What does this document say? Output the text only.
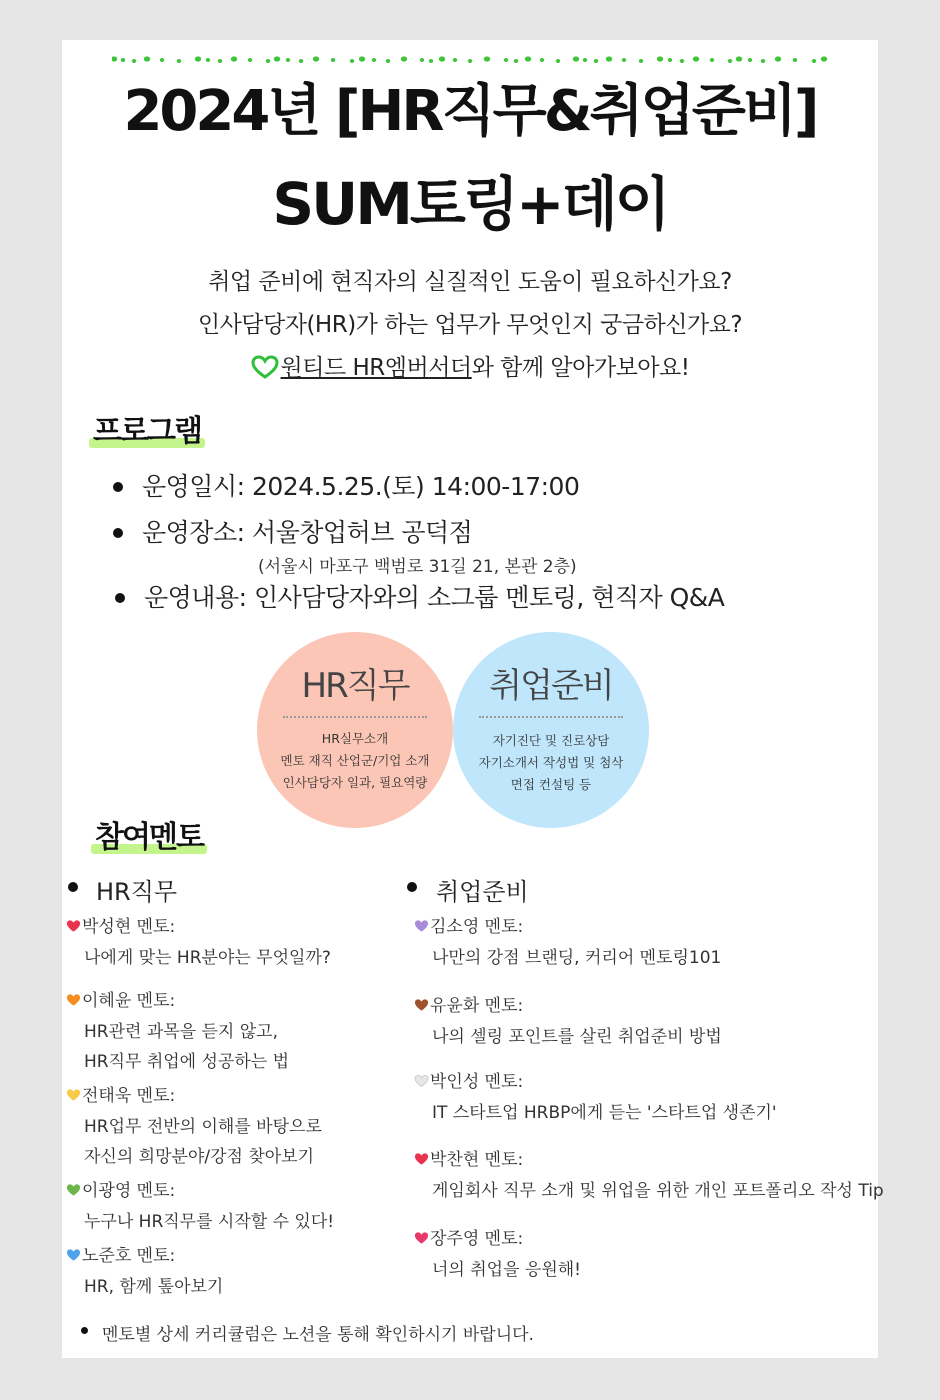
2024년 [HR직무&취업준비]
SUM토링+데이
취업 준비에 현직자의 실질적인 도움이 필요하신가요?
인사담당자(HR)가 하는 업무가 무엇인지 궁금하신가요?
원티드 HR엠버서더와 함께 알아가보아요!
프로그램
운영일시: 2024.5.25.(토) 14:00-17:00
운영장소: 서울창업허브 공덕점
(서울시 마포구 백범로 31길 21, 본관 2층)
운영내용: 인사담당자와의 소그룹 멘토링, 현직자 Q&A
HR직무
HR실무소개
멘토 재직 산업군/기업 소개
인사담당자 일과, 필요역량
취업준비
자기진단 및 진로상담
자기소개서 작성법 및 첨삭
면접 컨설팅 등
참여멘토
HR직무	취업준비
박성현 멘토:
나에게 맞는 HR분야는 무엇일까?
이혜윤 멘토:
HR관련 과목을 듣지 않고,
HR직무 취업에 성공하는 법
전태욱 멘토:
HR업무 전반의 이해를 바탕으로
자신의 희망분야/강점 찾아보기
이광영 멘토:
누구나 HR직무를 시작할 수 있다!
노준호 멘토:
HR, 함께 톺아보기
김소영 멘토:
나만의 강점 브랜딩, 커리어 멘토링101
유윤화 멘토:
나의 셀링 포인트를 살린 취업준비 방법
박인성 멘토:
IT 스타트업 HRBP에게 듣는 '스타트업 생존기'
박찬현 멘토:
게임회사 직무 소개 및 위업을 위한 개인 포트폴리오 작성 Tip
장주영 멘토:
너의 취업을 응원해!
멘토별 상세 커리큘럼은 노션을 통해 확인하시기 바랍니다.
